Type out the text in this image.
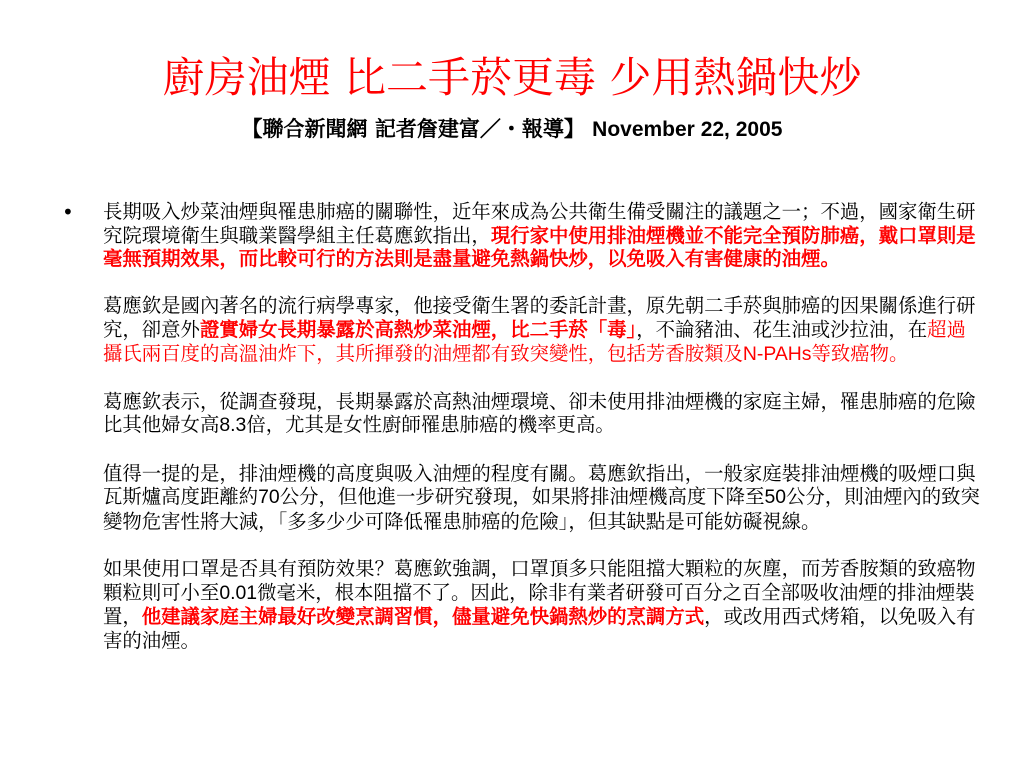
廚房油煙 比二手菸更毒 少用熱鍋快炒
【聯合新聞網 記者詹建富／・報導】 November 22, 2005
• 長期吸入炒菜油煙與罹患肺癌的關聯性，近年來成為公共衛生備受關注的議題之一；不過，國家衛生研究院環境衛生與職業醫學組主任葛應欽指出，現行家中使用排油煙機並不能完全預防肺癌，戴口罩則是毫無預期效果，而比較可行的方法則是盡量避免熱鍋快炒，以免吸入有害健康的油煙。

葛應欽是國內著名的流行病學專家，他接受衛生署的委託計畫，原先朝二手菸與肺癌的因果關係進行研究，卻意外證實婦女長期暴露於高熱炒菜油煙，比二手菸「毒」，不論豬油、花生油或沙拉油，在超過攝氏兩百度的高溫油炸下，其所揮發的油煙都有致突變性，包括芳香胺類及N-PAHs等致癌物。

葛應欽表示，從調查發現，長期暴露於高熱油煙環境、卻未使用排油煙機的家庭主婦，罹患肺癌的危險比其他婦女高8.3倍，尤其是女性廚師罹患肺癌的機率更高。

值得一提的是，排油煙機的高度與吸入油煙的程度有關。葛應欽指出，一般家庭裝排油煙機的吸煙口與瓦斯爐高度距離約70公分，但他進一步研究發現，如果將排油煙機高度下降至50公分，則油煙內的致突變物危害性將大減，「多多少少可降低罹患肺癌的危險」，但其缺點是可能妨礙視線。

如果使用口罩是否具有預防效果？葛應欽強調，口罩頂多只能阻擋大顆粒的灰塵，而芳香胺類的致癌物顆粒則可小至0.01微毫米，根本阻擋不了。因此，除非有業者研發可百分之百全部吸收油煙的排油煙裝置，他建議家庭主婦最好改變烹調習慣，儘量避免快鍋熱炒的烹調方式，或改用西式烤箱，以免吸入有害的油煙。
